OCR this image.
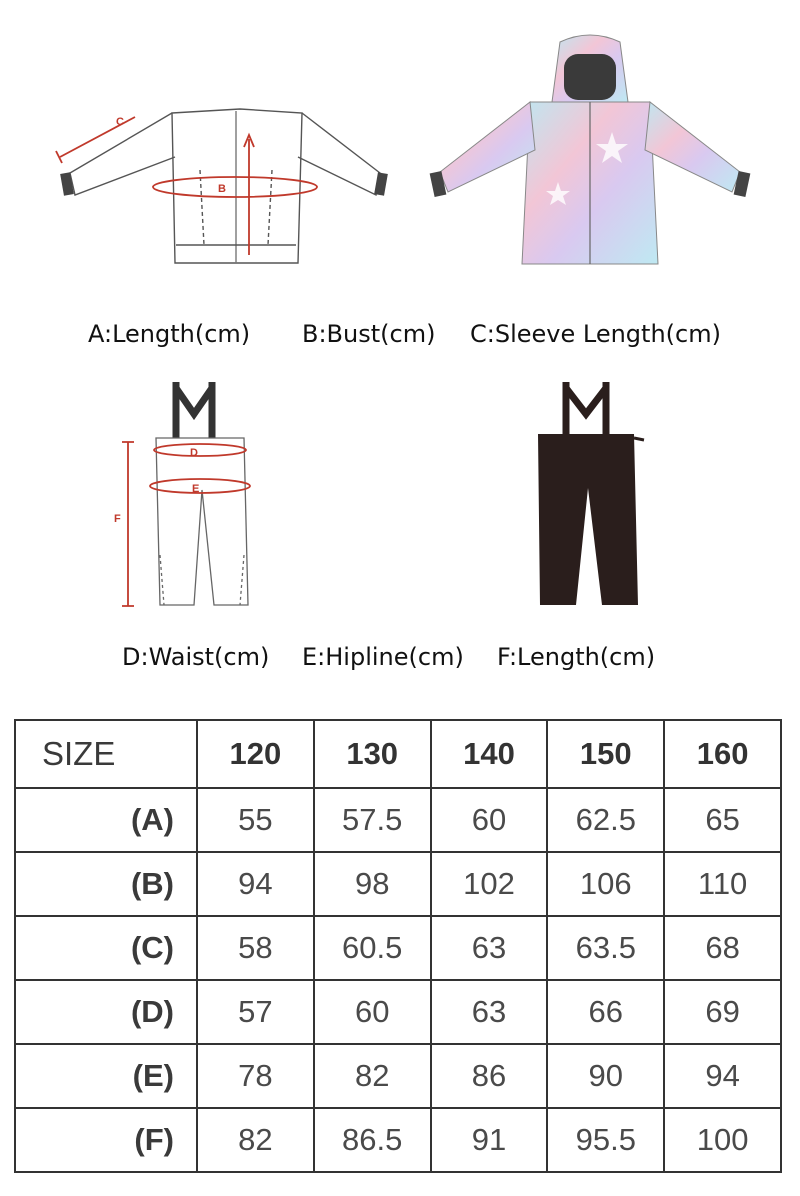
C
B
A:Length(cm) B:Bust(cm) C:Sleeve Length(cm)
D
E
F
D:Waist(cm) E:Hipline(cm) F:Length(cm)
SIZE	120	130	140	150	160
(A)	55	57.5	60	62.5	65
(B)	94	98	102	106	110
(C)	58	60.5	63	63.5	68
(D)	57	60	63	66	69
(E)	78	82	86	90	94
(F)	82	86.5	91	95.5	100
